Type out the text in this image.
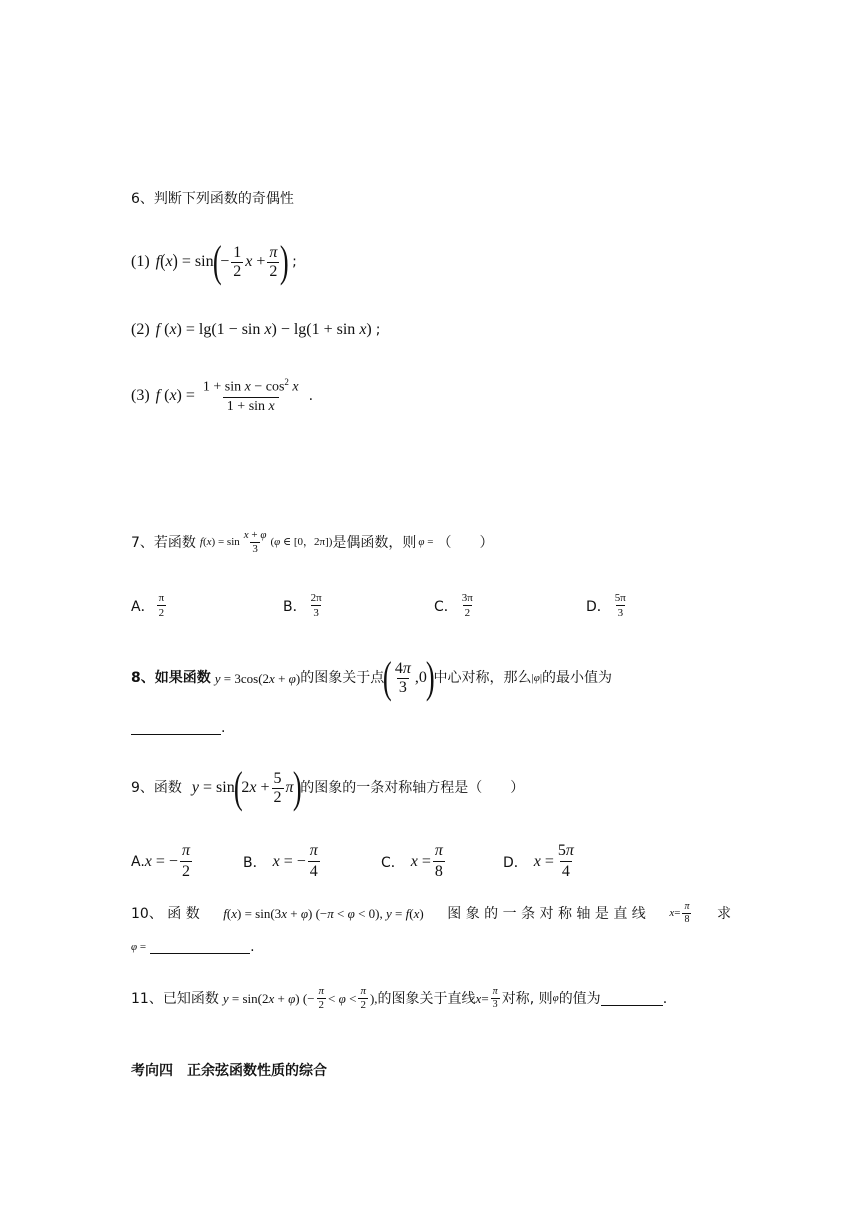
6、判断下列函数的奇偶性
(1) f ( x ) = sin
(
− $\frac{1}{2}$ $x + \frac{\pi}{2}$ ) ;
(2) f (x) = lg(1 − sin x) − lg(1 + sin x) ;
(3) f $(x) = \frac{1 + \sin x - \cos^2 x}{\text{1 + sin x}}$ .
7、若函数 $f(x) = \sin \frac{x + \varphi}{3} (\varphi$ ∈ [0，2π]) 是偶函数，则 φ = （　　）
A． $\frac{\pi}{2}$	B． $\frac{2\pi}{3}$	C． $\frac{3\pi}{2}$	D． $\frac{5\pi}{3}$
8、如果函数 y = 3cos(2x + φ) 的图象关于点
( $\frac{4\pi}{3} ,0$
)
中心对称，那么 |φ| 的最小值为
.
9、函数 y = sin
(
$2x + \frac{5}{2}$ π
)
的图象的一条对称轴方程是（　　）
A. x = − $\frac{\pi}{2}$	B． x = − $\frac{\pi}{4}$	C． $x = \frac{\pi}{8}$	D． $x = \frac{5\pi}{4}$
10、 函 数 f(x) = sin(3x + φ) (−π < φ < 0), y = f(x) 图 象 的 一 条 对 称 轴 是 直 线 $x = \frac{\pi}{8}$ 求
φ =	.
11、已知函数 y = sin(2x + φ) (− $\frac{\pi}{2} < \varphi < \frac{\pi}{2}$ ), 的图象关于直线 $x = \frac{\pi}{3}$ 对称 , 则 φ 的值为	.
考向四　正余弦函数性质的综合
